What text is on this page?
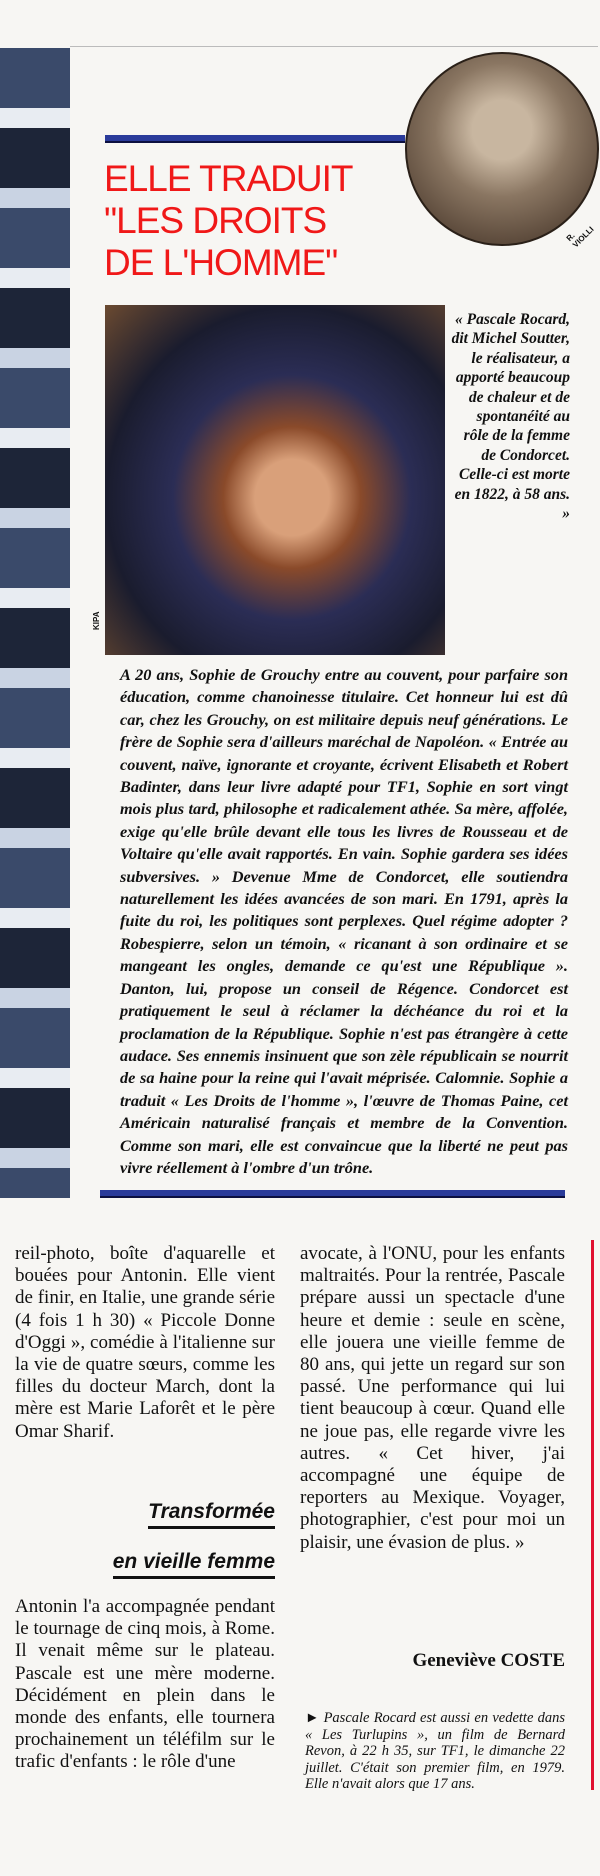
ELLE TRADUIT
"LES DROITS
DE L'HOMME"
R. VIOLLI
KIPA

« Pascale Rocard, dit Michel Soutter, le réalisateur, a apporté beaucoup de chaleur et de spontanéité au rôle de la femme de Condorcet. Celle-ci est morte en 1822, à 58 ans. »

A 20 ans, Sophie de Grouchy entre au couvent, pour parfaire son éducation, comme chanoinesse titulaire. Cet honneur lui est dû car, chez les Grouchy, on est militaire depuis neuf générations. Le frère de Sophie sera d'ailleurs maréchal de Napoléon. « Entrée au couvent, naïve, ignorante et croyante, écrivent Elisabeth et Robert Badinter, dans leur livre adapté pour TF1, Sophie en sort vingt mois plus tard, philosophe et radicalement athée. Sa mère, affolée, exige qu'elle brûle devant elle tous les livres de Rousseau et de Voltaire qu'elle avait rapportés. En vain. Sophie gardera ses idées subversives. » Devenue Mme de Condorcet, elle soutiendra naturellement les idées avancées de son mari. En 1791, après la fuite du roi, les politiques sont perplexes. Quel régime adopter ? Robespierre, selon un témoin, « ricanant à son ordinaire et se mangeant les ongles, demande ce qu'est une République ». Danton, lui, propose un conseil de Régence. Condorcet est pratiquement le seul à réclamer la déchéance du roi et la proclamation de la République. Sophie n'est pas étrangère à cette audace. Ses ennemis insinuent que son zèle républicain se nourrit de sa haine pour la reine qui l'avait méprisée. Calomnie. Sophie a traduit « Les Droits de l'homme », l'œuvre de Thomas Paine, cet Américain naturalisé français et membre de la Convention. Comme son mari, elle est convaincue que la liberté ne peut pas vivre réellement à l'ombre d'un trône.

reil-photo, boîte d'aquarelle et bouées pour Antonin. Elle vient de finir, en Italie, une grande série (4 fois 1 h 30) « Piccole Donne d'Oggi », comédie à l'italienne sur la vie de quatre sœurs, comme les filles du docteur March, dont la mère est Marie Laforêt et le père Omar Sharif.

Transformée
en vieille femme

Antonin l'a accompagnée pendant le tournage de cinq mois, à Rome. Il venait même sur le plateau. Pascale est une mère moderne. Décidément en plein dans le monde des enfants, elle tournera prochainement un téléfilm sur le trafic d'enfants : le rôle d'une

avocate, à l'ONU, pour les enfants maltraités. Pour la rentrée, Pascale prépare aussi un spectacle d'une heure et demie : seule en scène, elle jouera une vieille femme de 80 ans, qui jette un regard sur son passé. Une performance qui lui tient beaucoup à cœur. Quand elle ne joue pas, elle regarde vivre les autres. « Cet hiver, j'ai accompagné une équipe de reporters au Mexique. Voyager, photographier, c'est pour moi un plaisir, une évasion de plus. »

Geneviève COSTE

► Pascale Rocard est aussi en vedette dans « Les Turlupins », un film de Bernard Revon, à 22 h 35, sur TF1, le dimanche 22 juillet. C'était son premier film, en 1979. Elle n'avait alors que 17 ans.
